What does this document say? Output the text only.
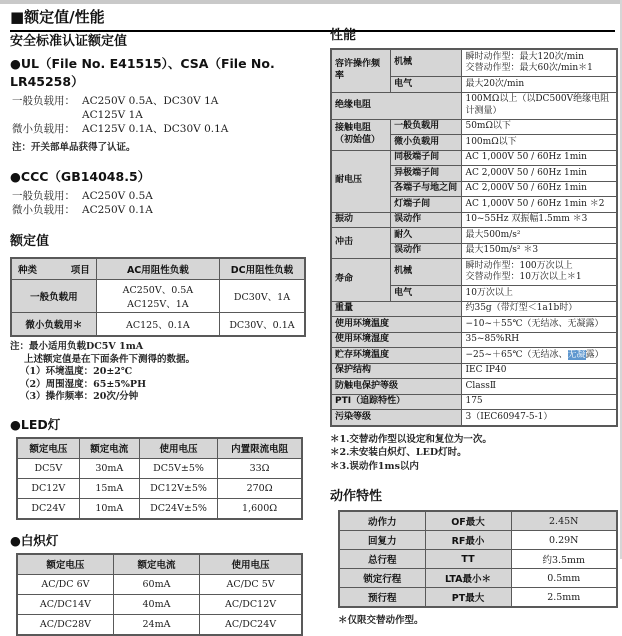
■额定值/性能
安全标准认证额定值
●UL（File No. E41515）、CSA（File No. LR45258）
一般负载用： AC250V 0.5A、DC30V 1A
AC125V 1A
微小负载用： AC125V 0.1A、DC30V 0.1A
注：开关部单品获得了认证。
●CCC（GB14048.5）
一般负载用： AC250V 0.5A
微小负载用： AC250V 0.1A
额定值
种类 项目	AC用阻性负载	DC用阻性负载
一般负载用	AC250V、0.5A
AC125V、1A	DC30V、1A
微小负载用＊	AC125、0.1A	DC30V、0.1A
注：最小适用负载DC5V 1mA
上述额定值是在下面条件下测得的数据。
（1）环境温度：20±2℃
（2）周围湿度：65±5%PH
（3）操作频率：20次/分钟
●LED灯
额定电压	额定电流	使用电压	内置限流电阻
DC5V	30mA	DC5V±5%	33Ω
DC12V	15mA	DC12V±5%	270Ω
DC24V	10mA	DC24V±5%	1,600Ω
●白炽灯
额定电压	额定电流	使用电压
AC/DC 6V	60mA	AC/DC 5V
AC/DC14V	40mA	AC/DC12V
AC/DC28V	24mA	AC/DC24V
性能
容许操作频率	机械	瞬时动作型：最大120次/min
交替动作型：最大60次/min＊1

	电气	最大20次/min
绝缘电阻		100MΩ以上（以DC500V绝缘电阻计测量）
接触电阻（初始值）	一般负载用	50mΩ以下
	微小负载用	100mΩ以下
耐电压	同极端子间	AC 1,000V 50 / 60Hz 1min
	异极端子间	AC 2,000V 50 / 60Hz 1min
	各端子与地之间	AC 2,000V 50 / 60Hz 1min
	灯端子间	AC 1,000V 50 / 60Hz 1min ＊2
振动	误动作	10~55Hz 双振幅1.5mm ＊3
冲击	耐久	最大500m/s²
	误动作	最大150m/s² ＊3
寿命	机械	瞬时动作型：100万次以上
交替动作型：10万次以上＊1

	电气	10万次以上
重量		约35g（带灯型＜1a1b时）
使用环境温度		−10~＋55℃（无结冰、无凝露）
使用环境湿度		35~85%RH
贮存环境温度		−25~＋65℃（无结冰、无凝露）
保护结构		IEC IP40
防触电保护等级		ClassⅡ
PTI（追踪特性）		175
污染等级		3（IEC60947-5-1）
＊1.交替动作型以设定和复位为一次。
＊2.未安装白炽灯、LED灯时。
＊3.误动作1ms以内
动作特性
动作力	OF最大	2.45N
回复力	RF最小	0.29N
总行程	TT	约3.5mm
锁定行程	LTA最小＊	0.5mm
预行程	PT最大	2.5mm
＊仅限交替动作型。
